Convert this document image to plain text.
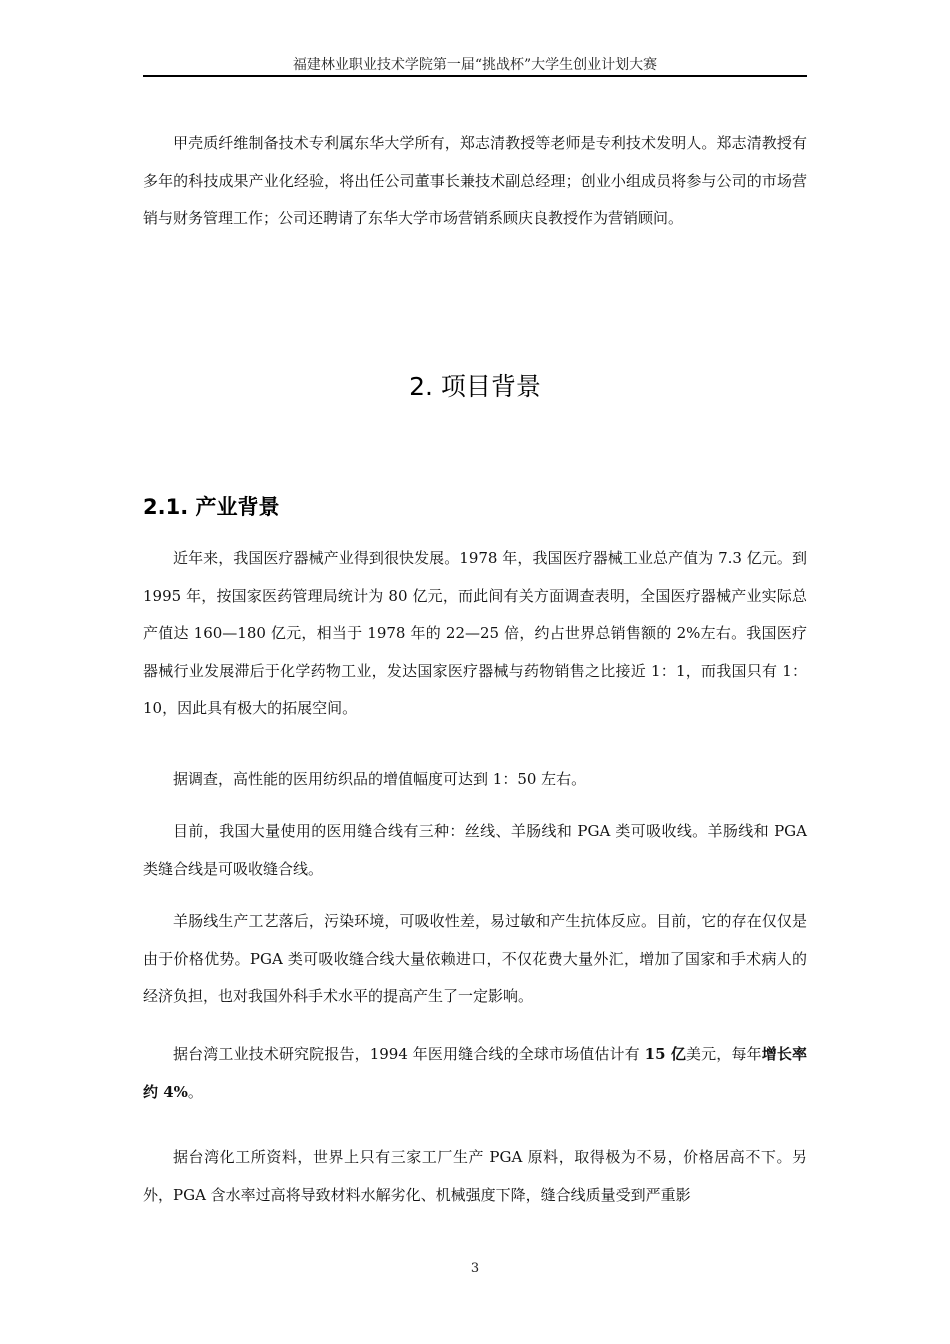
福建林业职业技术学院第一届“挑战杯”大学生创业计划大赛

甲壳质纤维制备技术专利属东华大学所有，郑志清教授等老师是专利技术发明人。郑志清教授有多年的科技成果产业化经验，将出任公司董事长兼技术副总经理；创业小组成员将参与公司的市场营销与财务管理工作；公司还聘请了东华大学市场营销系顾庆良教授作为营销顾问。

2. 项目背景
2.1. 产业背景

近年来，我国医疗器械产业得到很快发展。1978 年，我国医疗器械工业总产值为 7.3 亿元。到 1995 年，按国家医药管理局统计为 80 亿元，而此间有关方面调查表明，全国医疗器械产业实际总产值达 160—180 亿元，相当于 1978 年的 22—25 倍，约占世界总销售额的 2%左右。我国医疗器械行业发展滞后于化学药物工业，发达国家医疗器械与药物销售之比接近 1：1，而我国只有 1：10，因此具有极大的拓展空间。

据调查，高性能的医用纺织品的增值幅度可达到 1：50 左右。

目前，我国大量使用的医用缝合线有三种：丝线、羊肠线和 PGA 类可吸收线。羊肠线和 PGA 类缝合线是可吸收缝合线。

羊肠线生产工艺落后，污染环境，可吸收性差，易过敏和产生抗体反应。目前，它的存在仅仅是由于价格优势。PGA 类可吸收缝合线大量依赖进口，不仅花费大量外汇，增加了国家和手术病人的经济负担，也对我国外科手术水平的提高产生了一定影响。

据台湾工业技术研究院报告，1994 年医用缝合线的全球市场值估计有 15 亿美元，每年增长率约 4%。

据台湾化工所资料，世界上只有三家工厂生产 PGA 原料，取得极为不易，价格居高不下。另外，PGA 含水率过高将导致材料水解劣化、机械强度下降，缝合线质量受到严重影

3
